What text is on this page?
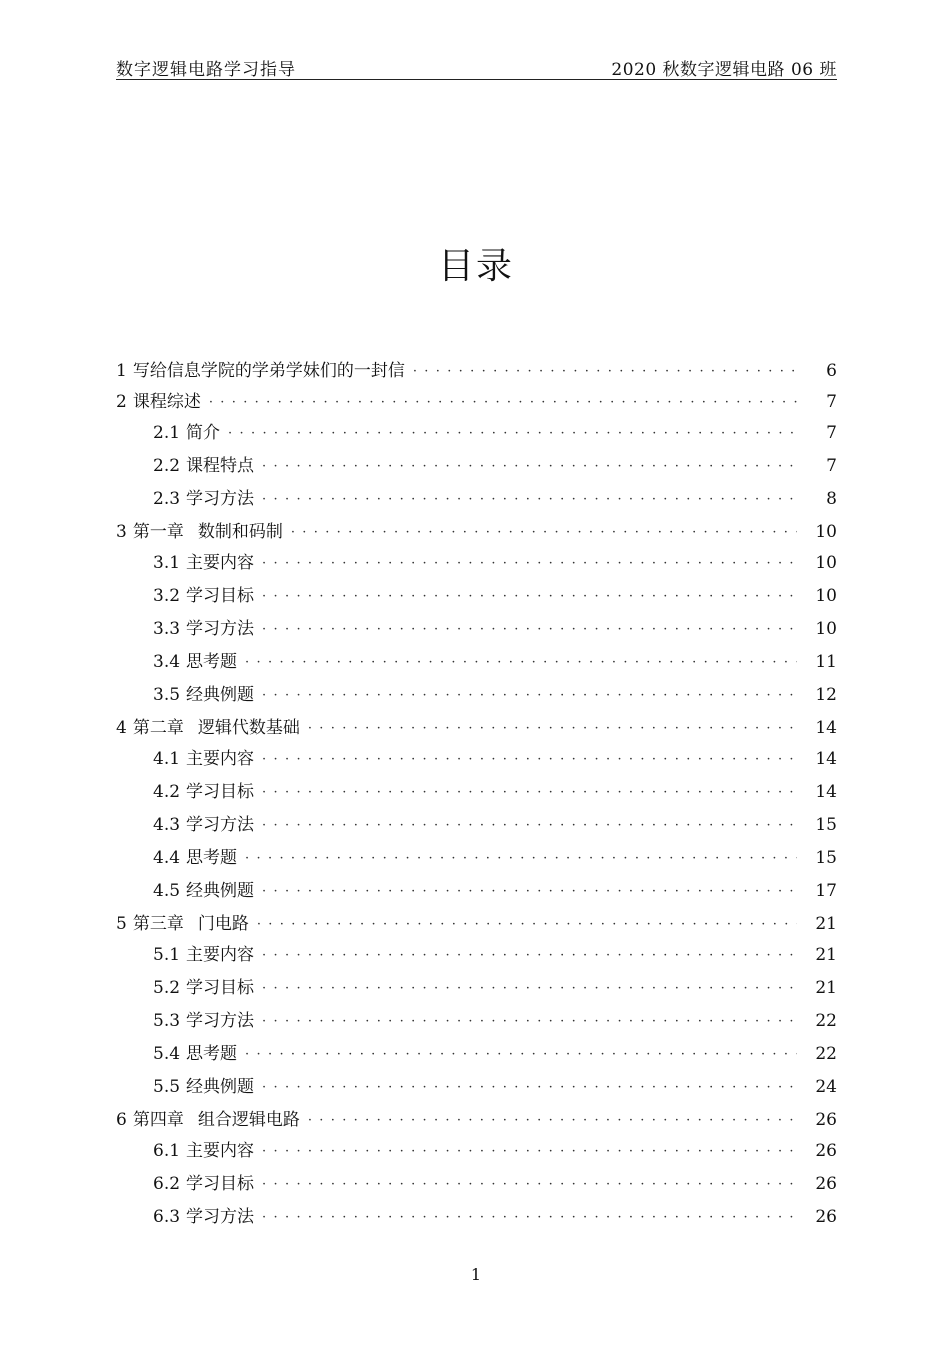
数字逻辑电路学习指导	2020 秋数字逻辑电路 06 班
目录
1 写给信息学院的学弟学妹们的一封信 · · ·	6
2 课程综述 · · ·	7
2.1 简介 · · ·	7
2.2 课程特点 · · ·	7
2.3 学习方法 · · ·	8
3 第一章 数制和码制 · · ·	10
3.1 主要内容 · · ·	10
3.2 学习目标 · · ·	10
3.3 学习方法 · · ·	10
3.4 思考题 · · ·	11
3.5 经典例题 · · ·	12
4 第二章 逻辑代数基础 · · ·	14
4.1 主要内容 · · ·	14
4.2 学习目标 · · ·	14
4.3 学习方法 · · ·	15
4.4 思考题 · · ·	15
4.5 经典例题 · · ·	17
5 第三章 门电路 · · ·	21
5.1 主要内容 · · ·	21
5.2 学习目标 · · ·	21
5.3 学习方法 · · ·	22
5.4 思考题 · · ·	22
5.5 经典例题 · · ·	24
6 第四章 组合逻辑电路 · · ·	26
6.1 主要内容 · · ·	26
6.2 学习目标 · · ·	26
6.3 学习方法 · · ·	26
1
